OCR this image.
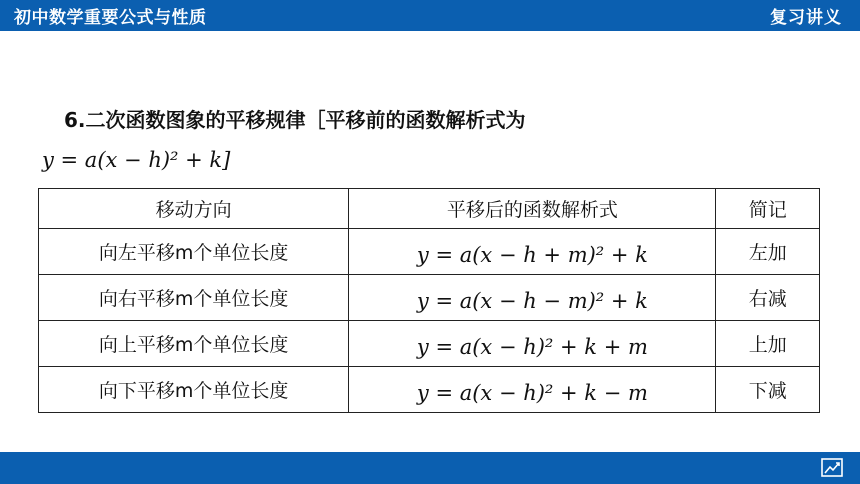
初中数学重要公式与性质	复习讲义
6.二次函数图象的平移规律［平移前的函数解析式为
y = a(x − h)² + k]
移动方向	平移后的函数解析式	简记
向左平移m个单位长度	y = a(x − h + m)² + k	左加
向右平移m个单位长度	y = a(x − h − m)² + k	右减
向上平移m个单位长度	y = a(x − h)² + k + m	上加
向下平移m个单位长度	y = a(x − h)² + k − m	下减
